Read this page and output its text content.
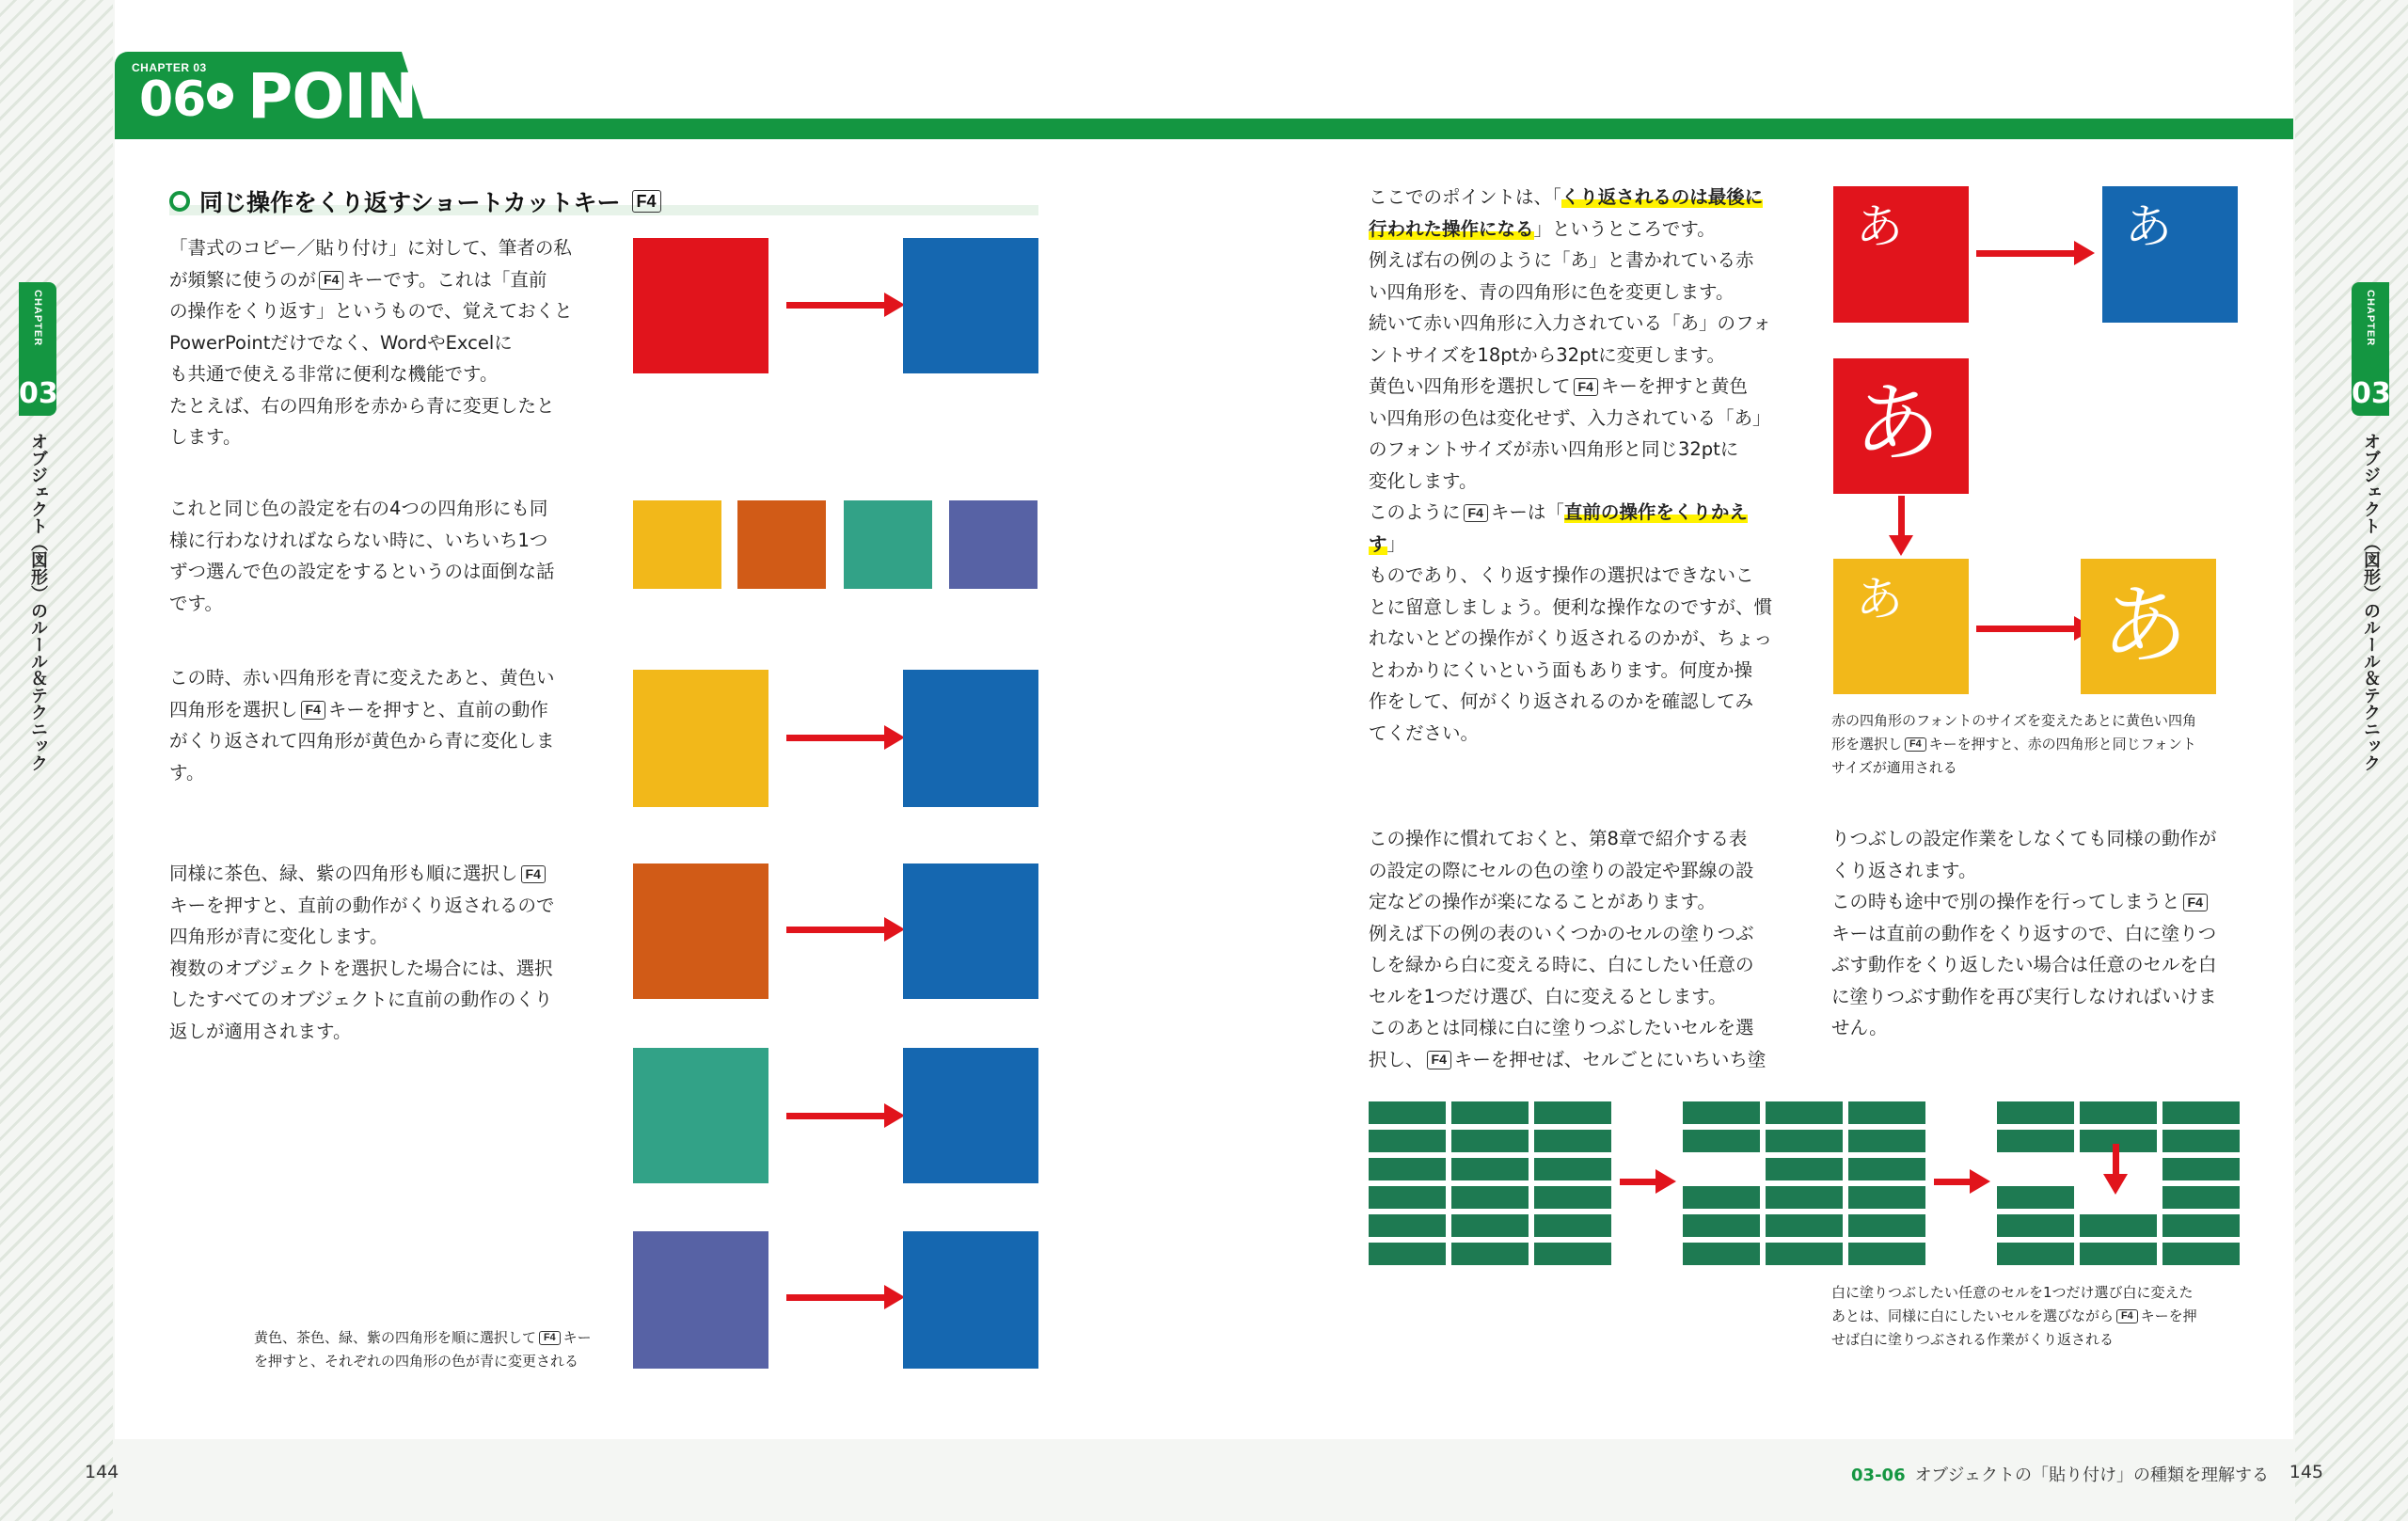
CHAPTER 03
06 POINT
CHAPTER
03
オブジェクト（図形）のルール＆テクニック
CHAPTER
03
オブジェクト（図形）のルール＆テクニック
同じ操作をくり返すショートカットキー F4
「書式のコピー／貼り付け」に対して、筆者の私
が頻繁に使うのが F4 キーです。これは「直前
の操作をくり返す」というもので、覚えておくと
PowerPointだけでなく、WordやExcelに
も共通で使える非常に便利な機能です。
たとえば、右の四角形を赤から青に変更したと
します。
これと同じ色の設定を右の4つの四角形にも同
様に行わなければならない時に、いちいち1つ
ずつ選んで色の設定をするというのは面倒な話
です。
この時、赤い四角形を青に変えたあと、黄色い
四角形を選択し F4 キーを押すと、直前の動作
がくり返されて四角形が黄色から青に変化しま
す。
同様に茶色、緑、紫の四角形も順に選択し F4
キーを押すと、直前の動作がくり返されるので
四角形が青に変化します。
複数のオブジェクトを選択した場合には、選択
したすべてのオブジェクトに直前の動作のくり
返しが適用されます。
黄色、茶色、緑、紫の四角形を順に選択して F4 キー
を押すと、それぞれの四角形の色が青に変更される
ここでのポイントは、「くり返されるのは最後に
行われた操作になる」というところです。
例えば右の例のように「あ」と書かれている赤
い四角形を、青の四角形に色を変更します。
続いて赤い四角形に入力されている「あ」のフォ
ントサイズを18ptから32ptに変更します。
黄色い四角形を選択して F4 キーを押すと黄色
い四角形の色は変化せず、入力されている「あ」
のフォントサイズが赤い四角形と同じ32ptに
変化します。
このように F4 キーは「直前の操作をくりかえす」
ものであり、くり返す操作の選択はできないこ
とに留意しましょう。便利な操作なのですが、慣
れないとどの操作がくり返されるのかが、ちょっ
とわかりにくいという面もあります。何度か操
作をして、何がくり返されるのかを確認してみ
てください。
あ	あ
あ
あ あ
赤の四角形のフォントのサイズを変えたあとに黄色い四角
形を選択し F4 キーを押すと、赤の四角形と同じフォント
サイズが適用される
この操作に慣れておくと、第8章で紹介する表
の設定の際にセルの色の塗りの設定や罫線の設
定などの操作が楽になることがあります。
例えば下の例の表のいくつかのセルの塗りつぶ
しを緑から白に変える時に、白にしたい任意の
セルを1つだけ選び、白に変えるとします。
このあとは同様に白に塗りつぶしたいセルを選
択し、 F4 キーを押せば、セルごとにいちいち塗
りつぶしの設定作業をしなくても同様の動作が
くり返されます。
この時も途中で別の操作を行ってしまうと F4
キーは直前の動作をくり返すので、白に塗りつ
ぶす動作をくり返したい場合は任意のセルを白
に塗りつぶす動作を再び実行しなければいけま
せん。
白に塗りつぶしたい任意のセルを1つだけ選び白に変えた
あとは、同様に白にしたいセルを選びながら F4 キーを押
せば白に塗りつぶされる作業がくり返される
144	03-06 オブジェクトの「貼り付け」の種類を理解する 145
